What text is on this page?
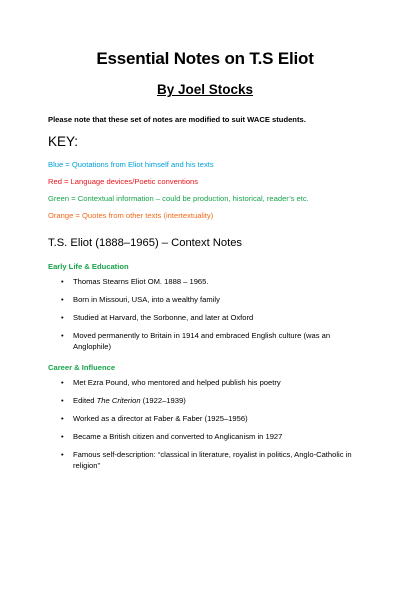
Essential Notes on T.S Eliot
By Joel Stocks

Please note that these set of notes are modified to suit WACE students.

KEY:
Blue = Quotations from Eliot himself and his texts
Red = Language devices/Poetic conventions
Green = Contextual information – could be production, historical, reader’s etc.
Orange = Quotes from other texts (intertextuality)
T.S. Eliot (1888–1965) – Context Notes
Early Life & Education
• Thomas Stearns Eliot OM. 1888 – 1965.
• Born in Missouri, USA, into a wealthy family
• Studied at Harvard, the Sorbonne, and later at Oxford
• Moved permanently to Britain in 1914 and embraced English culture (was an Anglophile)
Career & Influence
• Met Ezra Pound, who mentored and helped publish his poetry
• Edited The Criterion (1922–1939)
• Worked as a director at Faber & Faber (1925–1956)
• Became a British citizen and converted to Anglicanism in 1927
• Famous self-description: “classical in literature, royalist in politics, Anglo-Catholic in religion”
